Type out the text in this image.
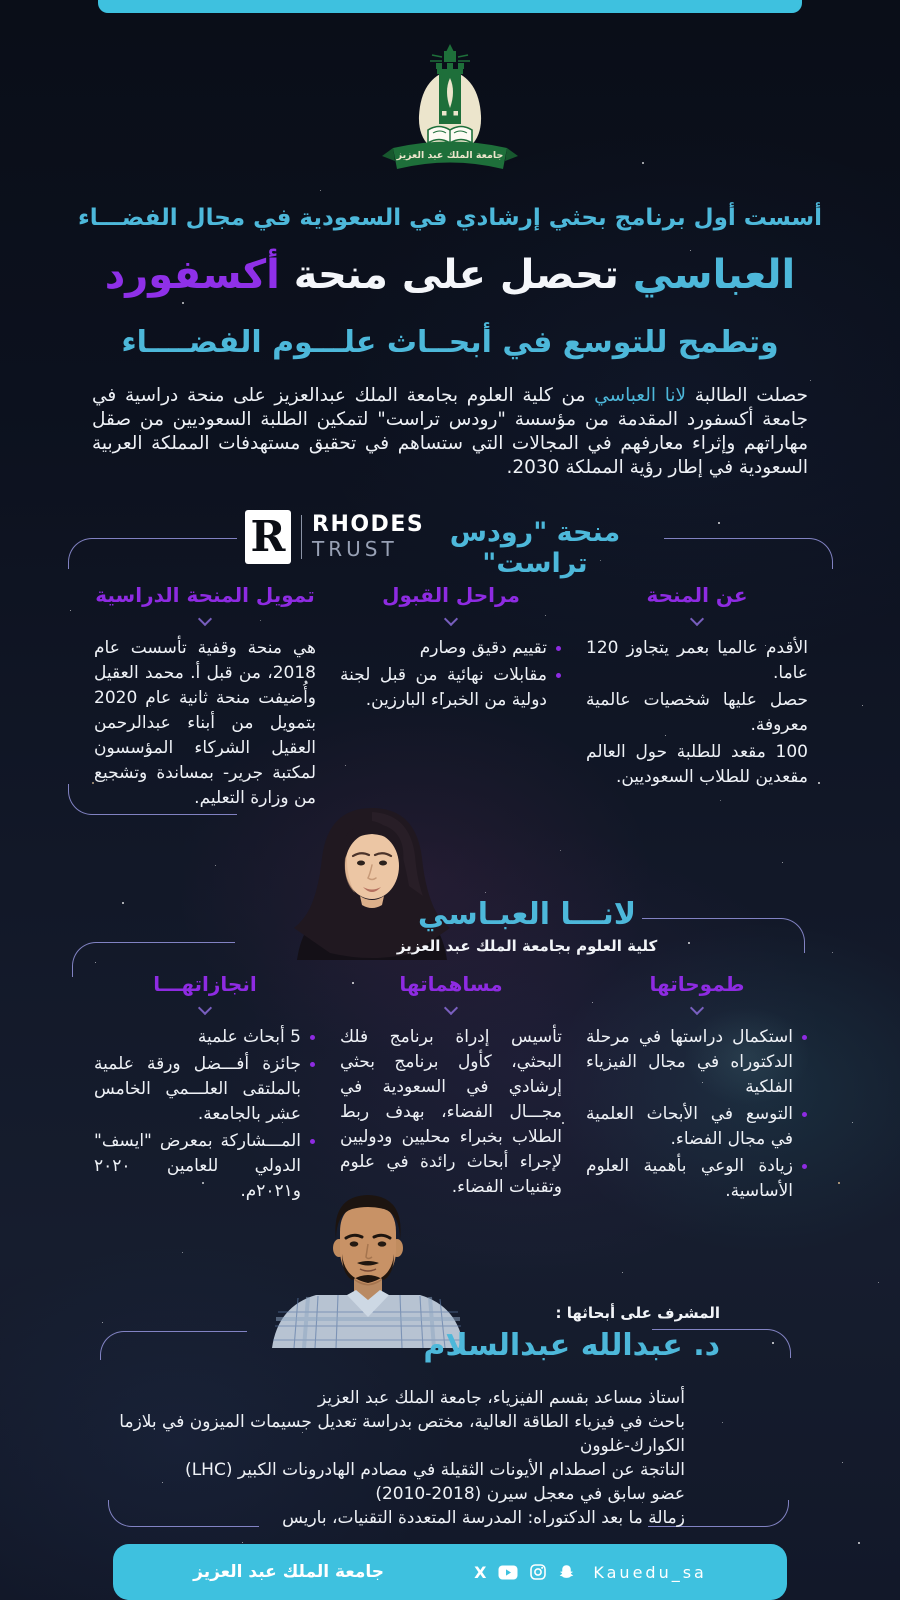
جامعة الملك عبد العزيز
أسست أول برنامج بحثي إرشادي في السعودية في مجال الفضـــاء
العباسي تحصل على منحة أكسفورد
وتطمح للتوسع في أبحــاث علـــوم الفضــــاء

حصلت الطالبة لانا العباسي من كلية العلوم بجامعة الملك عبدالعزيز على منحة دراسية في جامعة أكسفورد المقدمة من مؤسسة "رودس تراست" لتمكين الطلبة السعوديين من صقل مهاراتهم وإثراء معارفهم في المجالات التي ستساهم في تحقيق مستهدفات المملكة العربية السعودية في إطار رؤية المملكة 2030.

R RHODES
TRUST
منحة "رودس تراست"
عن المنحة
الأقدم عالميا بعمر يتجاوز 120 عاما.
حصل عليها شخصيات عالمية معروفة.
100 مقعد للطلبة حول العالم مقعدين للطلاب السعوديين.
مراحل القبول
تقييم دقيق وصارم
مقابلات نهائية من قبل لجنة دولية من الخبراء البارزين.
تمويل المنحة الدراسية

هي منحة وقفية تأسست عام 2018، من قبل أ. محمد العقيل وأُضيفت منحة ثانية عام 2020 بتمويل من أبناء عبدالرحمن العقيل الشركاء المؤسسون لمكتبة جرير- بمساندة وتشجيع من وزارة التعليم.

لانـــا العبـاسي
كلية العلوم بجامعة الملك عبد العزيز
طموحاتها
استكمال دراستها في مرحلة الدكتوراه في مجال الفيزياء الفلكية
التوسع في الأبحاث العلمية في مجال الفضاء.
زيادة الوعي بأهمية العلوم الأساسية.
مساهماتها

تأسيس إدراة برنامج فلك البحثي، كأول برنامج بحثي إرشادي في السعودية في مجـــال الفضاء، بهدف ربط الطلاب بخبراء محليين ودوليين لإجراء أبحاث رائدة في علوم وتقنيات الفضاء.

انجازاتهـــا
5 أبحاث علمية
جائزة أفـــضل ورقة علمية بالملتقى العلـــمي الخامس عشر بالجامعة.
المـــشاركة بمعرض "ايسف" الدولي للعامين ٢٠٢٠ و٢٠٢١م.
المشرف على أبحاثها :
د. عبدالله عبدالسلام
أستاذ مساعد بقسم الفيزياء، جامعة الملك عبد العزيز
باحث في فيزياء الطاقة العالية، مختص بدراسة تعديل جسيمات الميزون في بلازما الكوارك-غلوون
الناتجة عن اصطدام الأيونات الثقيلة في مصادم الهادرونات الكبير (LHC)
عضو سابق في معجل سيرن (2018-2010)
زمالة ما بعد الدكتوراه: المدرسة المتعددة التقنيات، باريس
جامعة الملك عبد العزيز	X	Kauedu_sa
